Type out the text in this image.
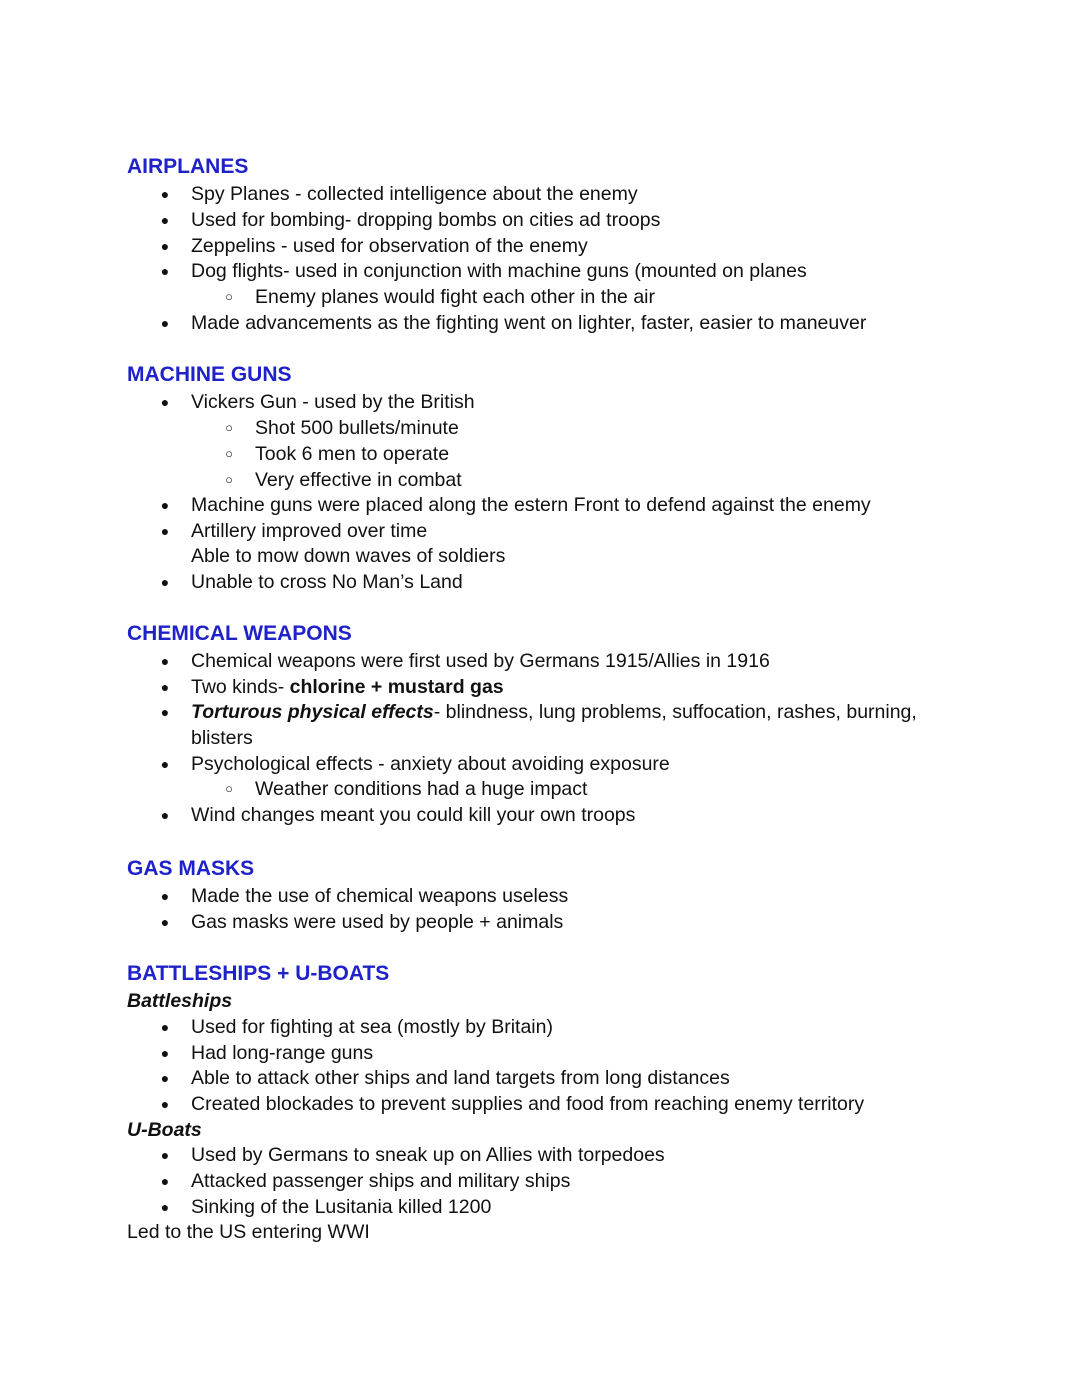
AIRPLANES
● Spy Planes - collected intelligence about the enemy
● Used for bombing- dropping bombs on cities ad troops
● Zeppelins - used for observation of the enemy
● Dog flights- used in conjunction with machine guns (mounted on planes
○ Enemy planes would fight each other in the air
● Made advancements as the fighting went on lighter, faster, easier to maneuver
MACHINE GUNS
● Vickers Gun - used by the British
○ Shot 500 bullets/minute
○ Took 6 men to operate
○ Very effective in combat
● Machine guns were placed along the estern Front to defend against the enemy
● Artillery improved over time
Able to mow down waves of soldiers
● Unable to cross No Man’s Land
CHEMICAL WEAPONS
● Chemical weapons were first used by Germans 1915/Allies in 1916
● Two kinds- chlorine + mustard gas
● Torturous physical effects- blindness, lung problems, suffocation, rashes, burning,
blisters
● Psychological effects - anxiety about avoiding exposure
○ Weather conditions had a huge impact
● Wind changes meant you could kill your own troops
GAS MASKS
● Made the use of chemical weapons useless
● Gas masks were used by people + animals
BATTLESHIPS + U-BOATS
Battleships
● Used for fighting at sea (mostly by Britain)
● Had long-range guns
● Able to attack other ships and land targets from long distances
● Created blockades to prevent supplies and food from reaching enemy territory
U-Boats
● Used by Germans to sneak up on Allies with torpedoes
● Attacked passenger ships and military ships
● Sinking of the Lusitania killed 1200
Led to the US entering WWI
